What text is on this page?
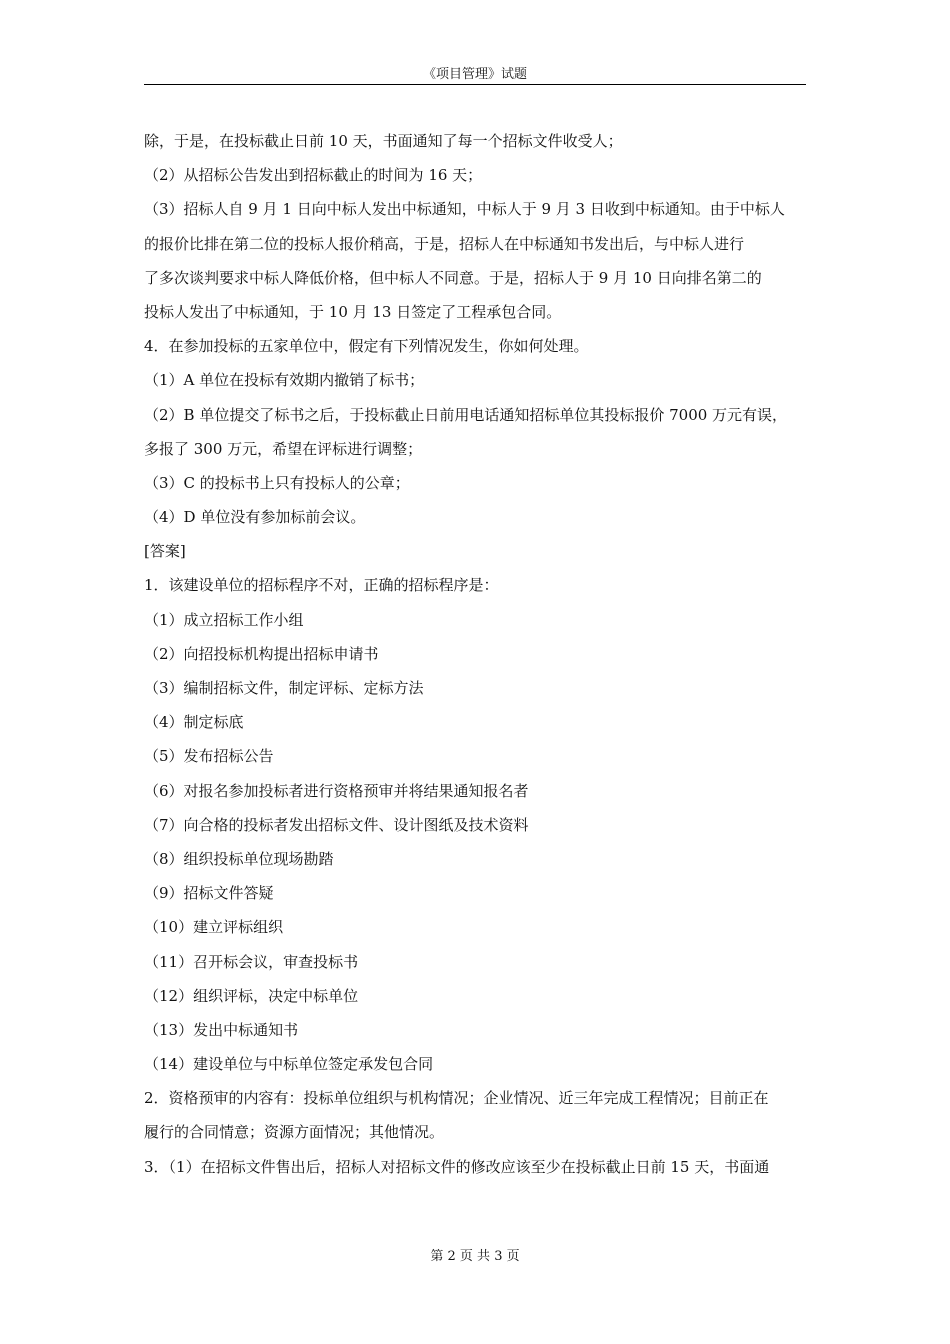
《项目管理》试题
除，于是，在投标截止日前 10 天，书面通知了每一个招标文件收受人；
（2）从招标公告发出到招标截止的时间为 16 天；
（3）招标人自 9 月 1 日向中标人发出中标通知，中标人于 9 月 3 日收到中标通知。由于中标人
的报价比排在第二位的投标人报价稍高，于是，招标人在中标通知书发出后，与中标人进行
了多次谈判要求中标人降低价格，但中标人不同意。于是，招标人于 9 月 10 日向排名第二的
投标人发出了中标通知，于 10 月 13 日签定了工程承包合同。
4．在参加投标的五家单位中，假定有下列情况发生，你如何处理。
（1）A 单位在投标有效期内撤销了标书；
（2）B 单位提交了标书之后，于投标截止日前用电话通知招标单位其投标报价 7000 万元有误，
多报了 300 万元，希望在评标进行调整；
（3）C 的投标书上只有投标人的公章；
（4）D 单位没有参加标前会议。
[答案]
1．该建设单位的招标程序不对，正确的招标程序是：
（1）成立招标工作小组
（2）向招投标机构提出招标申请书
（3）编制招标文件，制定评标、定标方法
（4）制定标底
（5）发布招标公告
（6）对报名参加投标者进行资格预审并将结果通知报名者
（7）向合格的投标者发出招标文件、设计图纸及技术资料
（8）组织投标单位现场勘踏
（9）招标文件答疑
（10）建立评标组织
（11）召开标会议，审查投标书
（12）组织评标，决定中标单位
（13）发出中标通知书
（14）建设单位与中标单位签定承发包合同
2．资格预审的内容有：投标单位组织与机构情况；企业情况、近三年完成工程情况；目前正在
履行的合同情意；资源方面情况；其他情况。
3．（1）在招标文件售出后，招标人对招标文件的修改应该至少在投标截止日前 15 天，书面通
第 2 页 共 3 页
